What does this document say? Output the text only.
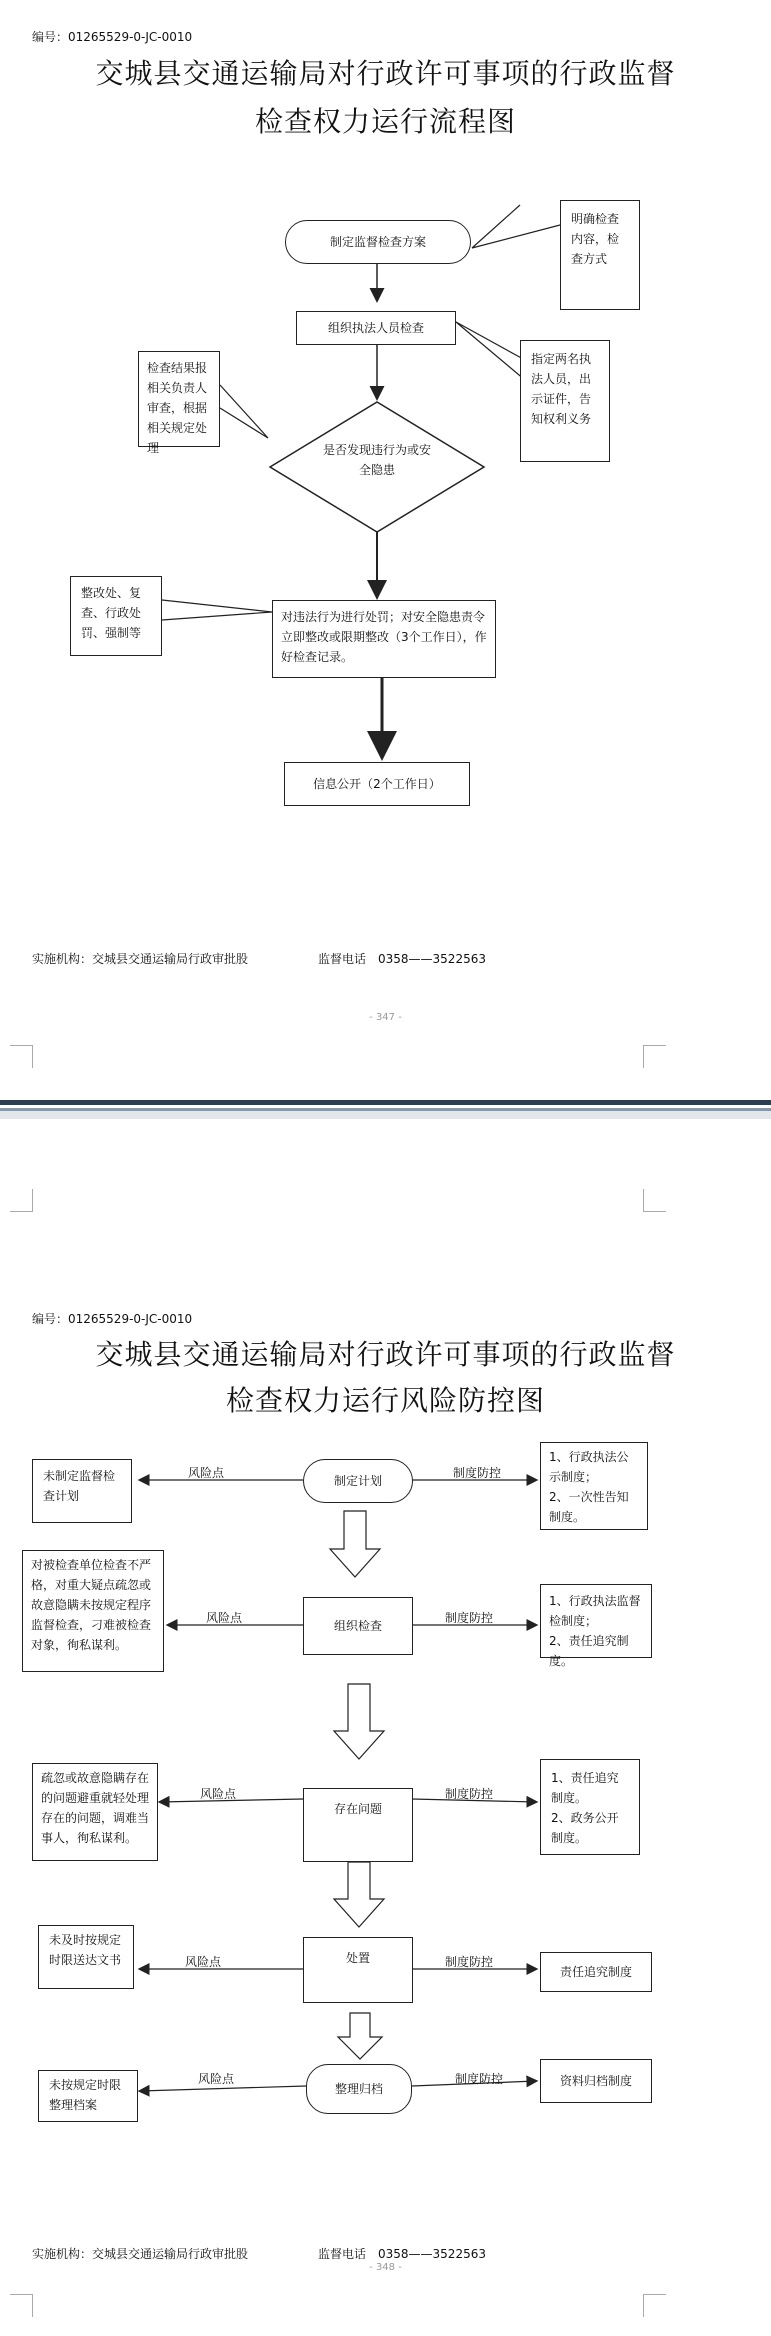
编号：01265529-0-JC-0010
交城县交通运输局对行政许可事项的行政监督
检查权力运行流程图
制定监督检查方案
明确检查内容，检查方式
组织执法人员检查
指定两名执法人员，出示证件，告知权利义务
检查结果报相关负责人审查，根据相关规定处理	是否发现违行为或安全隐患
整改处、复查、行政处罚、强制等
对违法行为进行处罚；对安全隐患责令立即整改或限期整改（3个工作日），作好检查记录。
信息公开（2个工作日）
实施机构：交城县交通运输局行政审批股	监督电话　0358——3522563
- 347 -
编号：01265529-0-JC-0010
交城县交通运输局对行政许可事项的行政监督
检查权力运行风险防控图
风险点	制度防控
风险点	制度防控
风险点	制度防控
风险点	制度防控
风险点	制度防控
制定计划
未制定监督检查计划
1、行政执法公示制度；
2、一次性告知制度。
组织检查
对被检查单位检查不严格，对重大疑点疏忽或故意隐瞒未按规定程序监督检查，刁难被检查对象，徇私谋利。
1、行政执法监督检制度；
2、责任追究制度。
存在问题
疏忽或故意隐瞒存在的问题避重就轻处理存在的问题，调难当事人，徇私谋利。
1、责任追究制度。
2、政务公开制度。
处置
未及时按规定时限送达文书
责任追究制度
整理归档
未按规定时限整理档案
资料归档制度
实施机构：交城县交通运输局行政审批股	监督电话　0358——3522563
- 348 -
